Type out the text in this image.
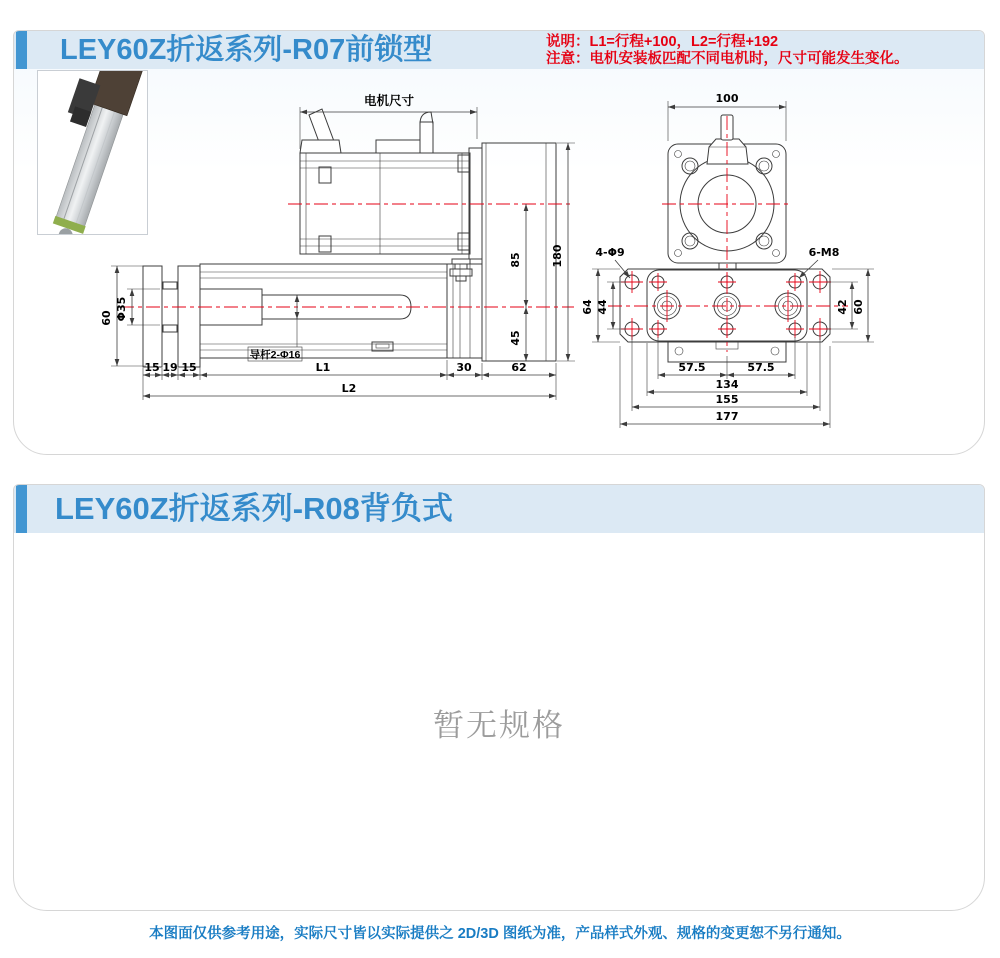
LEY60Z折返系列-R07前锁型	说明：L1=行程+100，L2=行程+192
注意：电机安装板匹配不同电机时，尺寸可能发生变化。
电机尺寸
85
45
180
60 Φ35
导杆2-Φ16
15 19 15	L1	30	62
L2
100
4-Φ9	6-M8
44
64	42 60
57.5	57.5
134
155
177
LEY60Z折返系列-R08背负式
暂无规格
本图面仅供参考用途，实际尺寸皆以实际提供之 2D/3D 图纸为准，产品样式外观、规格的变更恕不另行通知。
